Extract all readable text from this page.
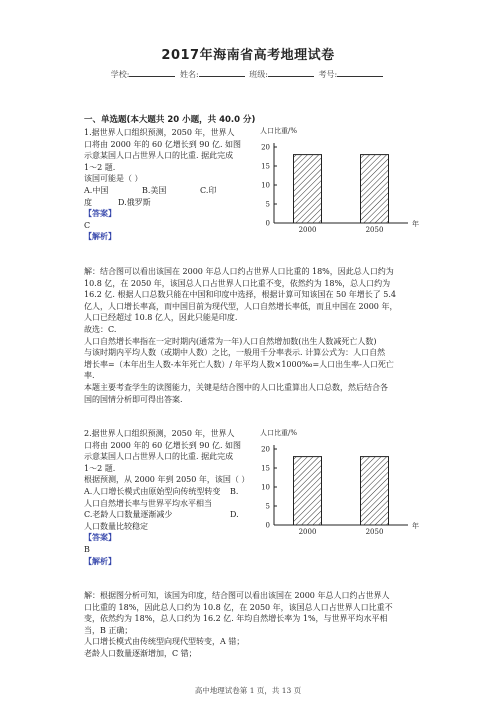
2017年海南省高考地理试卷
学校:	姓名:	班级:	考号:
一、单选题(本大题共 20 小题，共 40.0 分)

1.据世界人口组织预测，2050 年，世界人

口将由 2000 年的 60 亿增长到 90 亿. 如图

示意某国人口占世界人口的比重. 据此完成

1～2 题.

该国可能是（ ）

A.中国	B.美国	C.印

度	D.俄罗斯

【答案】

C

【解析】

0
5
10
15
20
人口比重/%
年
2000	2050

解：结合图可以看出该国在 2000 年总人口约占世界人口比重的 18%，因此总人口约为

10.8 亿，在 2050 年，该国总人口占世界人口比重不变，依然约为 18%，总人口约为

16.2 亿. 根据人口总数只能在中国和印度中选择，根据计算可知该国在 50 年增长了 5.4

亿人，人口增长率高，而中国目前为现代型，人口自然增长率低，而且中国在 2000 年，

人口已经超过 10.8 亿人，因此只能是印度.

故选：C.

人口自然增长率指在一定时期内(通常为一年)人口自然增加数(出生人数减死亡人数)

与该时期内平均人数（或期中人数）之比，一般用千分率表示. 计算公式为：人口自然

增长率=（本年出生人数-本年死亡人数）/ 年平均人数×1000‰=人口出生率-人口死亡

率.

本题主要考查学生的读图能力，关键是结合图中的人口比重算出人口总数，然后结合各

国的国情分析即可得出答案.

2.据世界人口组织预测，2050 年，世界人

口将由 2000 年的 60 亿增长到 90 亿. 如图

示意某国人口占世界人口的比重. 据此完成

1～2 题.

根据预测，从 2000 年到 2050 年，该国（ ）

A.人口增长模式由原始型向传统型转变 B.

人口自然增长率与世界平均水平相当

C.老龄人口数量逐渐减少	D.

人口数量比较稳定

【答案】

B

【解析】

0
5
10
15
20
人口比重/%
年
2000	2050

解：根据图分析可知，该国为印度，结合图可以看出该国在 2000 年总人口约占世界人

口比重的 18%，因此总人口约为 10.8 亿，在 2050 年，该国总人口占世界人口比重不

变，依然约为 18%，总人口约为 16.2 亿. 年均自然增长率为 1%，与世界平均水平相

当，B 正确；

人口增长模式由传统型向现代型转变，A 错；

老龄人口数量逐渐增加，C 错；

高中地理试卷第 1 页，共 13 页
